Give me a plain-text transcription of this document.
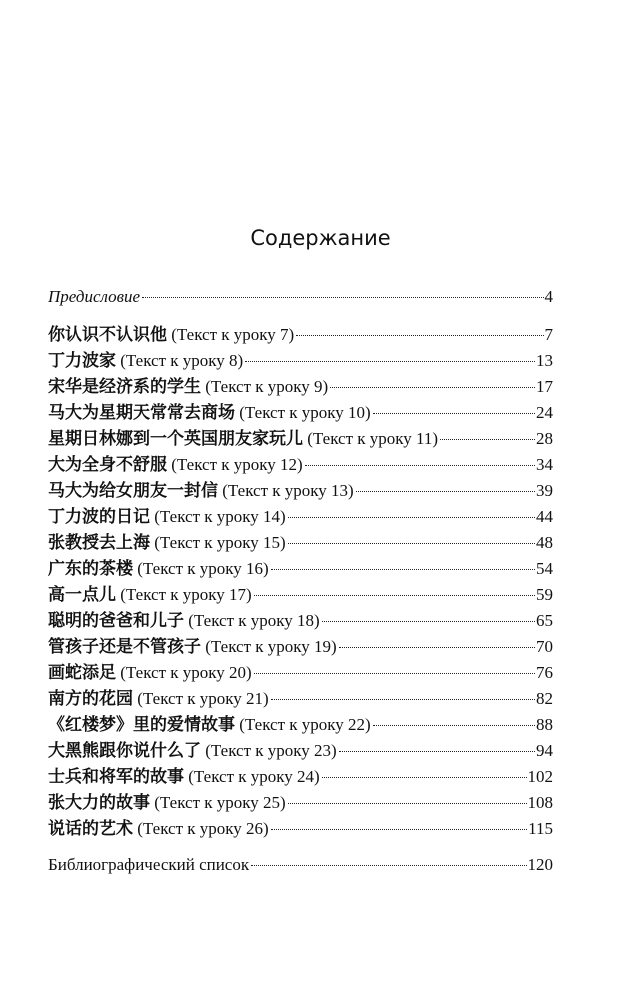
Содержание
Предисловие	4
你认识不认识他 (Текст к уроку 7)	7
丁力波家 (Текст к уроку 8)	13
宋华是经济系的学生 (Текст к уроку 9)	17
马大为星期天常常去商场 (Текст к уроку 10)	24
星期日林娜到一个英国朋友家玩儿 (Текст к уроку 11)	28
大为全身不舒服 (Текст к уроку 12)	34
马大为给女朋友一封信 (Текст к уроку 13)	39
丁力波的日记 (Текст к уроку 14)	44
张教授去上海 (Текст к уроку 15)	48
广东的茶楼 (Текст к уроку 16)	54
高一点儿 (Текст к уроку 17)	59
聪明的爸爸和儿子 (Текст к уроку 18)	65
管孩子还是不管孩子 (Текст к уроку 19)	70
画蛇添足 (Текст к уроку 20)	76
南方的花园 (Текст к уроку 21)	82
《红楼梦》里的爱情故事 (Текст к уроку 22)	88
大黑熊跟你说什么了 (Текст к уроку 23)	94
士兵和将军的故事 (Текст к уроку 24)	102
张大力的故事 (Текст к уроку 25)	108
说话的艺术 (Текст к уроку 26)	115
Библиографический список	120
